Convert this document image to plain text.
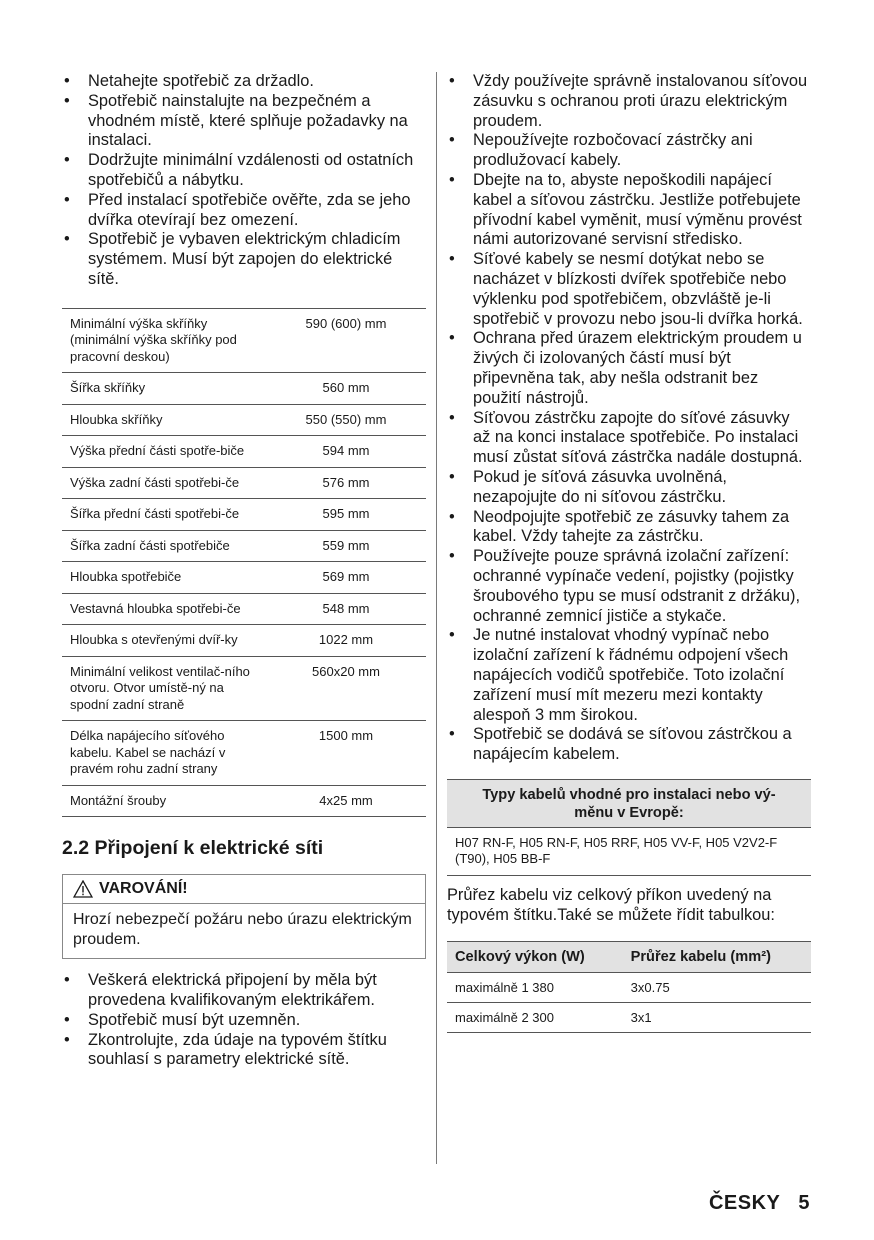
• Netahejte spotřebič za držadlo.
• Spotřebič nainstalujte na bezpečném a vhodném místě, které splňuje požadavky na instalaci.
• Dodržujte minimální vzdálenosti od ostatních spotřebičů a nábytku.
• Před instalací spotřebiče ověřte, zda se jeho dvířka otevírají bez omezení.
• Spotřebič je vybaven elektrickým chladicím systémem. Musí být zapojen do elektrické sítě.
Minimální výška skříňky (minimální výška skříňky pod pracovní deskou)	590 (600) mm
Šířka skříňky	560 mm
Hloubka skříňky	550 (550) mm
Výška přední části spotře-biče	594 mm
Výška zadní části spotřebi-če	576 mm
Šířka přední části spotřebi-če	595 mm
Šířka zadní části spotřebiče	559 mm
Hloubka spotřebiče	569 mm
Vestavná hloubka spotřebi-če	548 mm
Hloubka s otevřenými dvíř-ky	1022 mm
Minimální velikost ventilač-ního otvoru. Otvor umístě-ný na spodní zadní straně	560x20 mm
Délka napájecího síťového kabelu. Kabel se nachází v pravém rohu zadní strany	1500 mm
Montážní šrouby	4x25 mm
2.2 Připojení k elektrické síti
VAROVÁNÍ!
Hrozí nebezpečí požáru nebo úrazu elektrickým proudem.
• Veškerá elektrická připojení by měla být provedena kvalifikovaným elektrikářem.
• Spotřebič musí být uzemněn.
• Zkontrolujte, zda údaje na typovém štítku souhlasí s parametry elektrické sítě.
• Vždy používejte správně instalovanou síťovou zásuvku s ochranou proti úrazu elektrickým proudem.
• Nepoužívejte rozbočovací zástrčky ani prodlužovací kabely.
• Dbejte na to, abyste nepoškodili napájecí kabel a síťovou zástrčku. Jestliže potřebujete přívodní kabel vyměnit, musí výměnu provést námi autorizované servisní středisko.
• Síťové kabely se nesmí dotýkat nebo se nacházet v blízkosti dvířek spotřebiče nebo výklenku pod spotřebičem, obzvláště je-li spotřebič v provozu nebo jsou-li dvířka horká.
• Ochrana před úrazem elektrickým proudem u živých či izolovaných částí musí být připevněna tak, aby nešla odstranit bez použití nástrojů.
• Síťovou zástrčku zapojte do síťové zásuvky až na konci instalace spotřebiče. Po instalaci musí zůstat síťová zástrčka nadále dostupná.
• Pokud je síťová zásuvka uvolněná, nezapojujte do ni síťovou zástrčku.
• Neodpojujte spotřebič ze zásuvky tahem za kabel. Vždy tahejte za zástrčku.
• Používejte pouze správná izolační zařízení: ochranné vypínače vedení, pojistky (pojistky šroubového typu se musí odstranit z držáku), ochranné zemnicí jističe a stykače.
• Je nutné instalovat vhodný vypínač nebo izolační zařízení k řádnému odpojení všech napájecích vodičů spotřebiče. Toto izolační zařízení musí mít mezeru mezi kontakty alespoň 3 mm širokou.
• Spotřebič se dodává se síťovou zástrčkou a napájecím kabelem.
Typy kabelů vhodné pro instalaci nebo vý-měnu v Evropě:
H07 RN-F, H05 RN-F, H05 RRF, H05 VV-F, H05 V2V2-F (T90), H05 BB-F

Průřez kabelu viz celkový příkon uvedený na typovém štítku.Také se můžete řídit tabulkou:

Celkový výkon (W)	Průřez kabelu (mm²)
maximálně 1 380	3x0.75
maximálně 2 300	3x1
ČESKY 5
